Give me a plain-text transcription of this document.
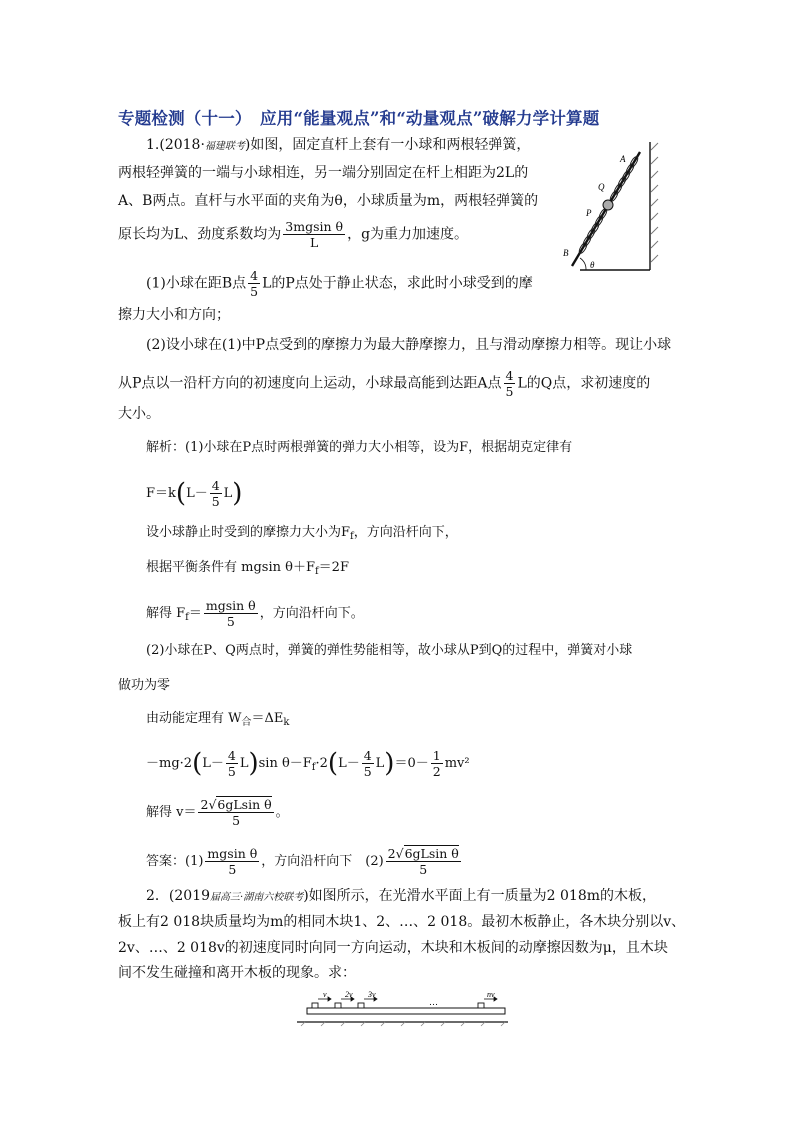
专题检测（十一）　应用“能量观点”和“动量观点”破解力学计算题
1.(2018·福建联考)如图，固定直杆上套有一小球和两根轻弹簧，
两根轻弹簧的一端与小球相连，另一端分别固定在杆上相距为2L的
A、B两点。直杆与水平面的夹角为θ，小球质量为m，两根轻弹簧的
原长均为L、劲度系数均为 $\frac{\text{3mgsin θ}}{L}$ ，g为重力加速度。
(1)小球在距B点 $\frac{4}{5}$ L的P点处于静止状态，求此时小球受到的摩
擦力大小和方向；
(2)设小球在(1)中P点受到的摩擦力为最大静摩擦力，且与滑动摩擦力相等。现让小球
从P点以一沿杆方向的初速度向上运动，小球最高能到达距A点 $\frac{4}{5}$ L的Q点，求初速度的
大小。
A
Q
P
B
θ
解析：(1)小球在P点时两根弹簧的弹力大小相等，设为F，根据胡克定律有
$F=k(L- \frac{4}{5} L)$
设小球静止时受到的摩擦力大小为$F_f$，方向沿杆向下，
根据平衡条件有 mgsin $\theta+F_f=2F$
解得 $F_f= \frac{\text{mgsin θ}}{5}$ ，方向沿杆向下。
(2)小球在P、Q两点时，弹簧的弹性势能相等，故小球从P到Q的过程中，弹簧对小球
做功为零
由动能定理有 $W_合=\Delta E_k$
$-mg\cdot 2(L- \frac{4}{5} L)\sin$ $\theta-F_f\cdot 2(L- \frac{4}{5} L)=0- \frac{1}{2} mv^2$
解得 $v= \frac{\text{2√6gLsin θ}}{5}$ 。
答案：$(1) \frac{\text{mgsin θ}}{5}$ ，方向沿杆向下　$(2) \frac{\text{2√6gLsin θ}}{5}$
2．(2019届高三·湖南六校联考)如图所示，在光滑水平面上有一质量为2 018m的木板，
板上有2 018块质量均为m的相同木块1、2、…、2 018。最初木板静止，各木块分别以v、
2v、…、2 018v的初速度同时向同一方向运动，木块和木板间的动摩擦因数为μ，且木块
间不发生碰撞和离开木板的现象。求：
v 2v 3v
…
nv
